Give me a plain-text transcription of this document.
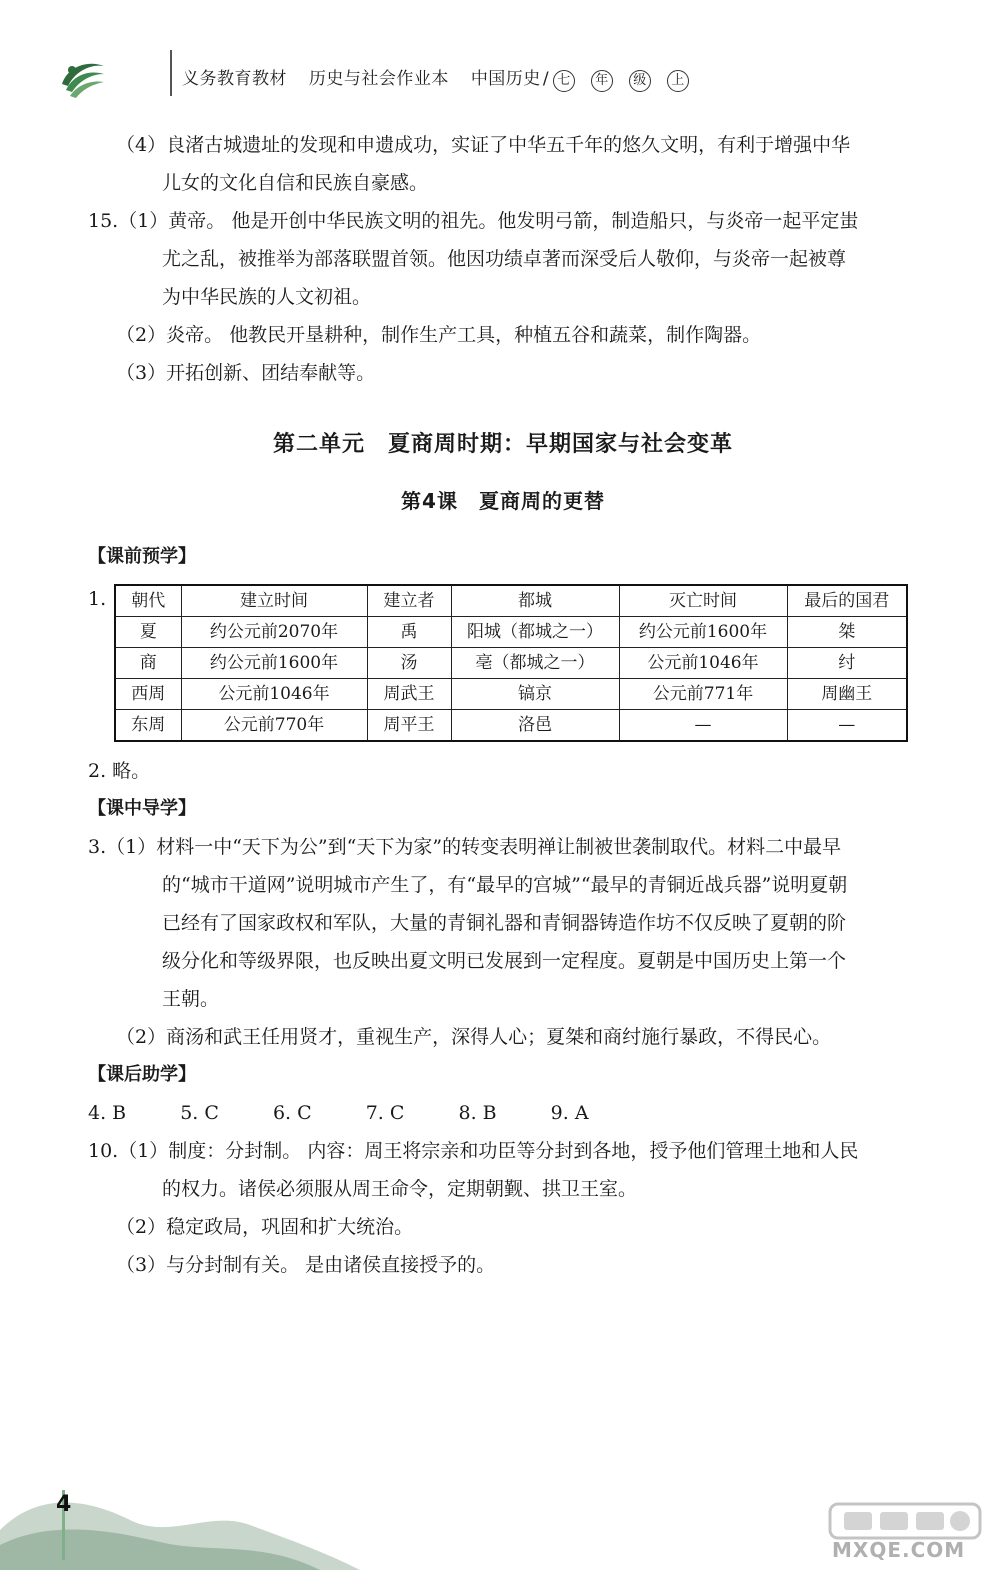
义务教育教材 历史与社会作业本 中国历史 / 七 年 级 上
（4）良渚古城遗址的发现和申遗成功，实证了中华五千年的悠久文明，有利于增强中华
儿女的文化自信和民族自豪感。
15.（1）黄帝。 他是开创中华民族文明的祖先。他发明弓箭，制造船只，与炎帝一起平定蚩
尤之乱，被推举为部落联盟首领。他因功绩卓著而深受后人敬仰，与炎帝一起被尊
为中华民族的人文初祖。
（2）炎帝。 他教民开垦耕种，制作生产工具，种植五谷和蔬菜，制作陶器。
（3）开拓创新、团结奉献等。
第二单元　夏商周时期：早期国家与社会变革
第4课　夏商周的更替
【课前预学】
1. 朝代	建立时间	建立者	都城	灭亡时间	最后的国君
夏	约公元前2070年	禹	阳城（都城之一）	约公元前1600年	桀
商	约公元前1600年	汤	亳（都城之一）	公元前1046年	纣
西周	公元前1046年	周武王	镐京	公元前771年	周幽王
东周	公元前770年	周平王	洛邑	—	—
2. 略。
【课中导学】
3.（1）材料一中“天下为公”到“天下为家”的转变表明禅让制被世袭制取代。材料二中最早
的“城市干道网”说明城市产生了，有“最早的宫城”“最早的青铜近战兵器”说明夏朝
已经有了国家政权和军队，大量的青铜礼器和青铜器铸造作坊不仅反映了夏朝的阶
级分化和等级界限，也反映出夏文明已发展到一定程度。夏朝是中国历史上第一个
王朝。
（2）商汤和武王任用贤才，重视生产，深得人心；夏桀和商纣施行暴政，不得民心。
【课后助学】
4. B	5. C	6. C	7. C	8. B	9. A
10.（1）制度：分封制。 内容：周王将宗亲和功臣等分封到各地，授予他们管理土地和人民
的权力。诸侯必须服从周王命令，定期朝觐、拱卫王室。
（2）稳定政局，巩固和扩大统治。
（3）与分封制有关。 是由诸侯直接授予的。
4
MXQE.COM
